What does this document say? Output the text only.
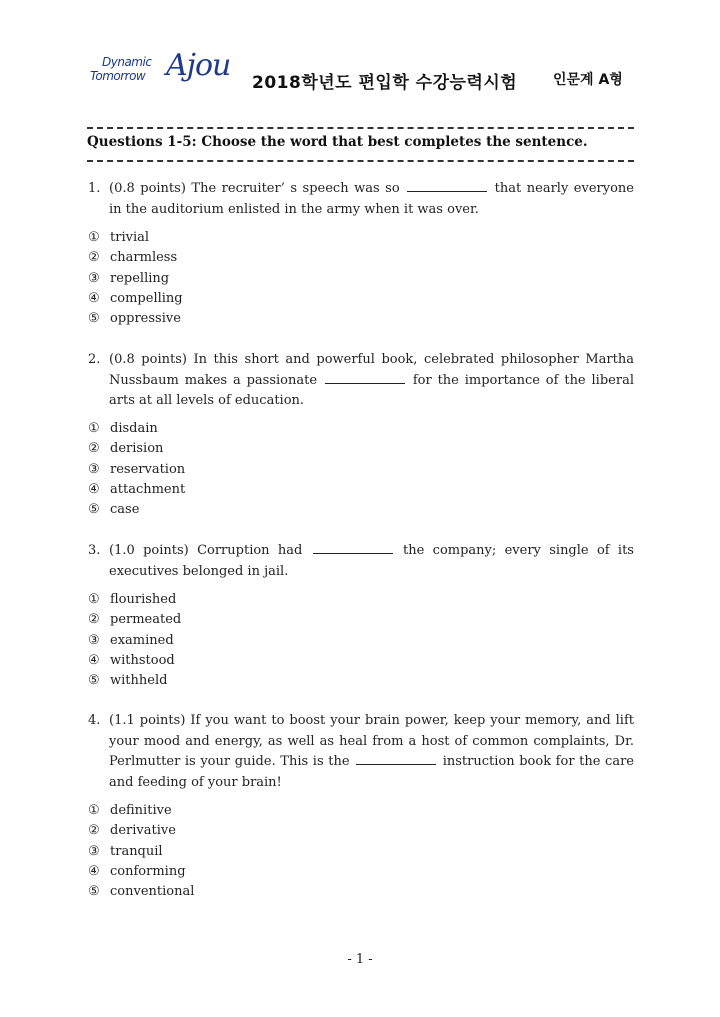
Dynamic
Tomorrow Ajou 2018학년도 편입학 수강능력시험	인문계 A형
Questions 1-5: Choose the word that best completes the sentence.
1. (0.8 points) The recruiter’ s speech was so	that nearly everyone in the auditorium enlisted in the army when it was over.
① trivial
② charmless
③ repelling
④ compelling
⑤ oppressive
2. (0.8 points) In this short and powerful book, celebrated philosopher Martha Nussbaum makes a passionate	for the importance of the liberal arts at all levels of education.
① disdain
② derision
③ reservation
④ attachment
⑤ case
3. (1.0 points) Corruption had	the company; every single of its executives belonged in jail.
① flourished
② permeated
③ examined
④ withstood
⑤ withheld
4. (1.1 points) If you want to boost your brain power, keep your memory, and lift your mood and energy, as well as heal from a host of common complaints, Dr. Perlmutter is your guide. This is the	instruction book for the care and feeding of your brain!
① definitive
② derivative
③ tranquil
④ conforming
⑤ conventional
- 1 -
